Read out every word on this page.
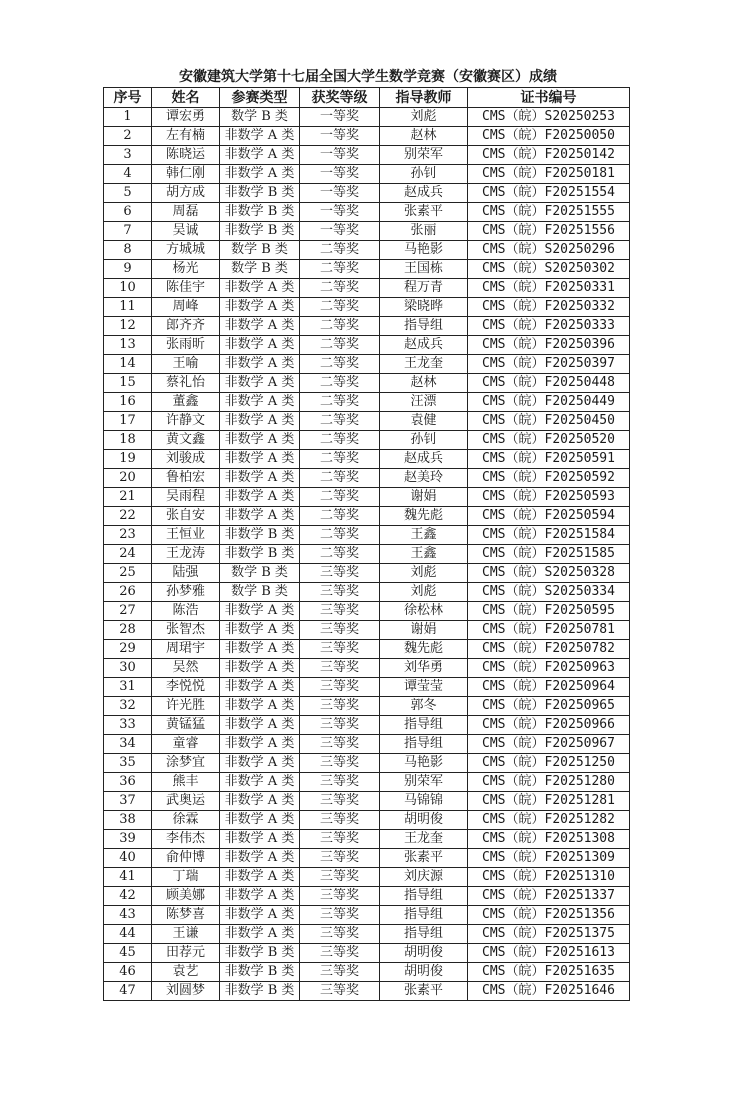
安徽建筑大学第十七届全国大学生数学竞赛（安徽赛区）成绩
序号	姓名	参赛类型	获奖等级	指导教师	证书编号
1	谭宏勇	数学 B 类	一等奖	刘彪	CMS（皖）S20250253
2	左有楠	非数学 A 类	一等奖	赵林	CMS（皖）F20250050
3	陈晓运	非数学 A 类	一等奖	别荣军	CMS（皖）F20250142
4	韩仁刚	非数学 A 类	一等奖	孙钊	CMS（皖）F20250181
5	胡方成	非数学 B 类	一等奖	赵成兵	CMS（皖）F20251554
6	周磊	非数学 B 类	一等奖	张素平	CMS（皖）F20251555
7	吴诚	非数学 B 类	一等奖	张丽	CMS（皖）F20251556
8	方城城	数学 B 类	二等奖	马艳影	CMS（皖）S20250296
9	杨光	数学 B 类	二等奖	王国栋	CMS（皖）S20250302
10	陈佳宇	非数学 A 类	二等奖	程万青	CMS（皖）F20250331
11	周峰	非数学 A 类	二等奖	梁晓晔	CMS（皖）F20250332
12	郎齐齐	非数学 A 类	二等奖	指导组	CMS（皖）F20250333
13	张雨昕	非数学 A 类	二等奖	赵成兵	CMS（皖）F20250396
14	王喻	非数学 A 类	二等奖	王龙奎	CMS（皖）F20250397
15	蔡礼怡	非数学 A 类	二等奖	赵林	CMS（皖）F20250448
16	董鑫	非数学 A 类	二等奖	汪漂	CMS（皖）F20250449
17	许静文	非数学 A 类	二等奖	袁健	CMS（皖）F20250450
18	黄文鑫	非数学 A 类	二等奖	孙钊	CMS（皖）F20250520
19	刘骏成	非数学 A 类	二等奖	赵成兵	CMS（皖）F20250591
20	鲁柏宏	非数学 A 类	二等奖	赵美玲	CMS（皖）F20250592
21	吴雨程	非数学 A 类	二等奖	谢娟	CMS（皖）F20250593
22	张自安	非数学 A 类	二等奖	魏先彪	CMS（皖）F20250594
23	王恒业	非数学 B 类	二等奖	王鑫	CMS（皖）F20251584
24	王龙涛	非数学 B 类	二等奖	王鑫	CMS（皖）F20251585
25	陆强	数学 B 类	三等奖	刘彪	CMS（皖）S20250328
26	孙梦雅	数学 B 类	三等奖	刘彪	CMS（皖）S20250334
27	陈浩	非数学 A 类	三等奖	徐松林	CMS（皖）F20250595
28	张智杰	非数学 A 类	三等奖	谢娟	CMS（皖）F20250781
29	周珺宇	非数学 A 类	三等奖	魏先彪	CMS（皖）F20250782
30	吴然	非数学 A 类	三等奖	刘华勇	CMS（皖）F20250963
31	李悦悦	非数学 A 类	三等奖	谭莹莹	CMS（皖）F20250964
32	许光胜	非数学 A 类	三等奖	郭冬	CMS（皖）F20250965
33	黄锰猛	非数学 A 类	三等奖	指导组	CMS（皖）F20250966
34	童睿	非数学 A 类	三等奖	指导组	CMS（皖）F20250967
35	涂梦宜	非数学 A 类	三等奖	马艳影	CMS（皖）F20251250
36	熊丰	非数学 A 类	三等奖	别荣军	CMS（皖）F20251280
37	武奥运	非数学 A 类	三等奖	马锦锦	CMS（皖）F20251281
38	徐霖	非数学 A 类	三等奖	胡明俊	CMS（皖）F20251282
39	李伟杰	非数学 A 类	三等奖	王龙奎	CMS（皖）F20251308
40	俞仲博	非数学 A 类	三等奖	张素平	CMS（皖）F20251309
41	丁瑞	非数学 A 类	三等奖	刘庆源	CMS（皖）F20251310
42	顾美娜	非数学 A 类	三等奖	指导组	CMS（皖）F20251337
43	陈梦喜	非数学 A 类	三等奖	指导组	CMS（皖）F20251356
44	王谦	非数学 A 类	三等奖	指导组	CMS（皖）F20251375
45	田荐元	非数学 B 类	三等奖	胡明俊	CMS（皖）F20251613
46	袁艺	非数学 B 类	三等奖	胡明俊	CMS（皖）F20251635
47	刘圆梦	非数学 B 类	三等奖	张素平	CMS（皖）F20251646
